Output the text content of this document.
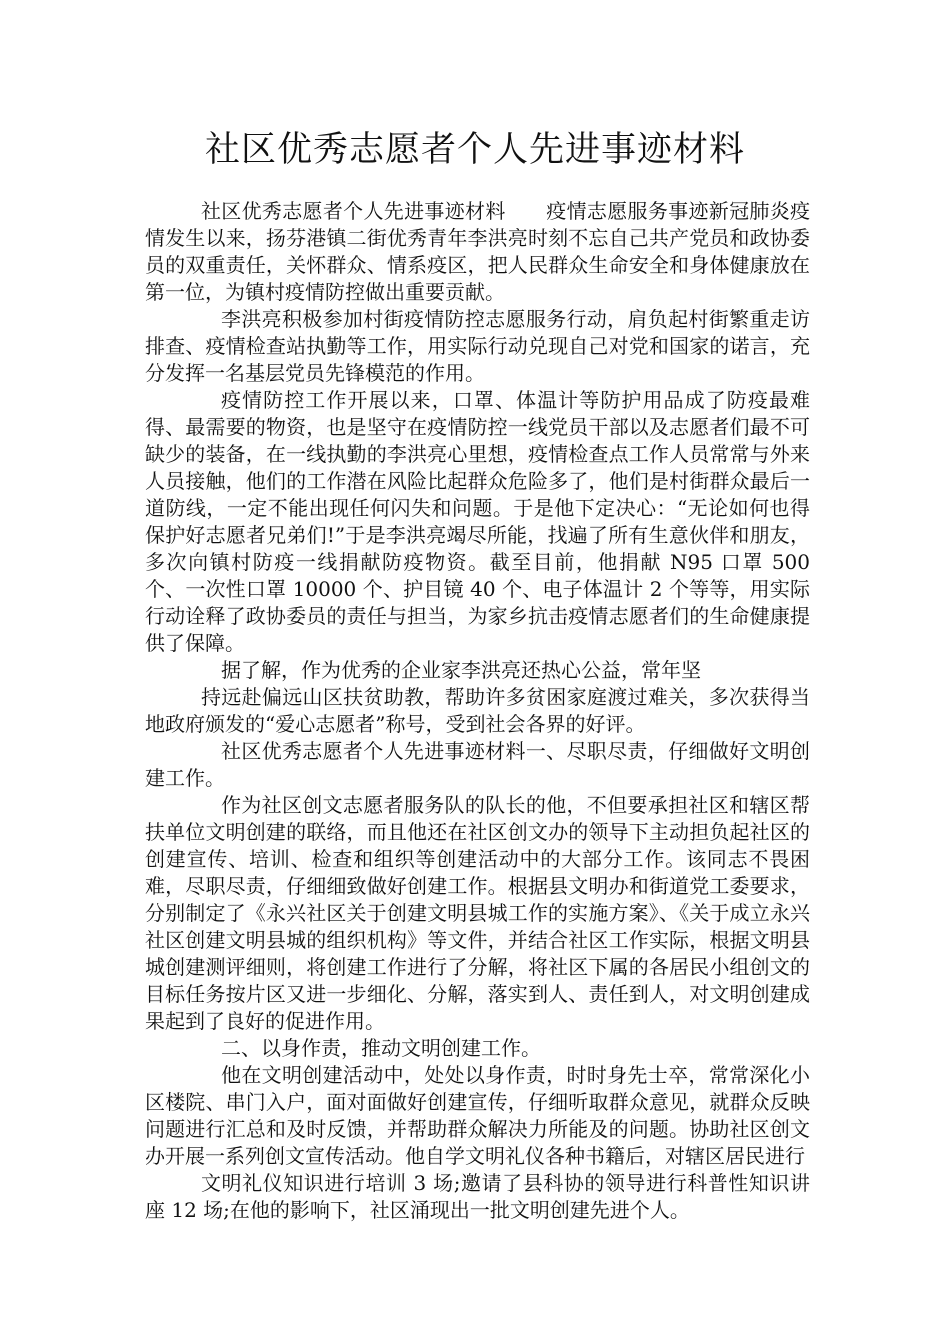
社区优秀志愿者个人先进事迹材料

社区优秀志愿者个人先进事迹材料　　疫情志愿服务事迹新冠肺炎疫情发生以来，扬芬港镇二街优秀青年李洪亮时刻不忘自己共产党员和政协委员的双重责任，关怀群众、情系疫区，把人民群众生命安全和身体健康放在第一位，为镇村疫情防控做出重要贡献。

李洪亮积极参加村街疫情防控志愿服务行动，肩负起村街繁重走访排查、疫情检查站执勤等工作，用实际行动兑现自己对党和国家的诺言，充分发挥一名基层党员先锋模范的作用。

疫情防控工作开展以来，口罩、体温计等防护用品成了防疫最难得、最需要的物资，也是坚守在疫情防控一线党员干部以及志愿者们最不可缺少的装备，在一线执勤的李洪亮心里想，疫情检查点工作人员常常与外来人员接触，他们的工作潜在风险比起群众危险多了，他们是村街群众最后一道防线，一定不能出现任何闪失和问题。于是他下定决心：“无论如何也得保护好志愿者兄弟们!”于是李洪亮竭尽所能，找遍了所有生意伙伴和朋友，多次向镇村防疫一线捐献防疫物资。截至目前，他捐献 N95 口罩 500 个、一次性口罩 10000 个、护目镜 40 个、电子体温计 2 个等等，用实际行动诠释了政协委员的责任与担当，为家乡抗击疫情志愿者们的生命健康提供了保障。

据了解，作为优秀的企业家李洪亮还热心公益，常年坚

持远赴偏远山区扶贫助教，帮助许多贫困家庭渡过难关，多次获得当地政府颁发的“爱心志愿者”称号，受到社会各界的好评。

社区优秀志愿者个人先进事迹材料一、尽职尽责，仔细做好文明创建工作。

作为社区创文志愿者服务队的队长的他，不但要承担社区和辖区帮扶单位文明创建的联络，而且他还在社区创文办的领导下主动担负起社区的创建宣传、培训、检查和组织等创建活动中的大部分工作。该同志不畏困难，尽职尽责，仔细细致做好创建工作。根据县文明办和街道党工委要求，分别制定了《永兴社区关于创建文明县城工作的实施方案》、《关于成立永兴社区创建文明县城的组织机构》等文件，并结合社区工作实际，根据文明县城创建测评细则，将创建工作进行了分解，将社区下属的各居民小组创文的目标任务按片区又进一步细化、分解，落实到人、责任到人，对文明创建成果起到了良好的促进作用。

二、以身作责，推动文明创建工作。

他在文明创建活动中，处处以身作责，时时身先士卒，常常深化小区楼院、串门入户，面对面做好创建宣传，仔细听取群众意见，就群众反映问题进行汇总和及时反馈，并帮助群众解决力所能及的问题。协助社区创文办开展一系列创文宣传活动。他自学文明礼仪各种书籍后，对辖区居民进行

文明礼仪知识进行培训 3 场;邀请了县科协的领导进行科普性知识讲座 12 场;在他的影响下，社区涌现出一批文明创建先进个人。
